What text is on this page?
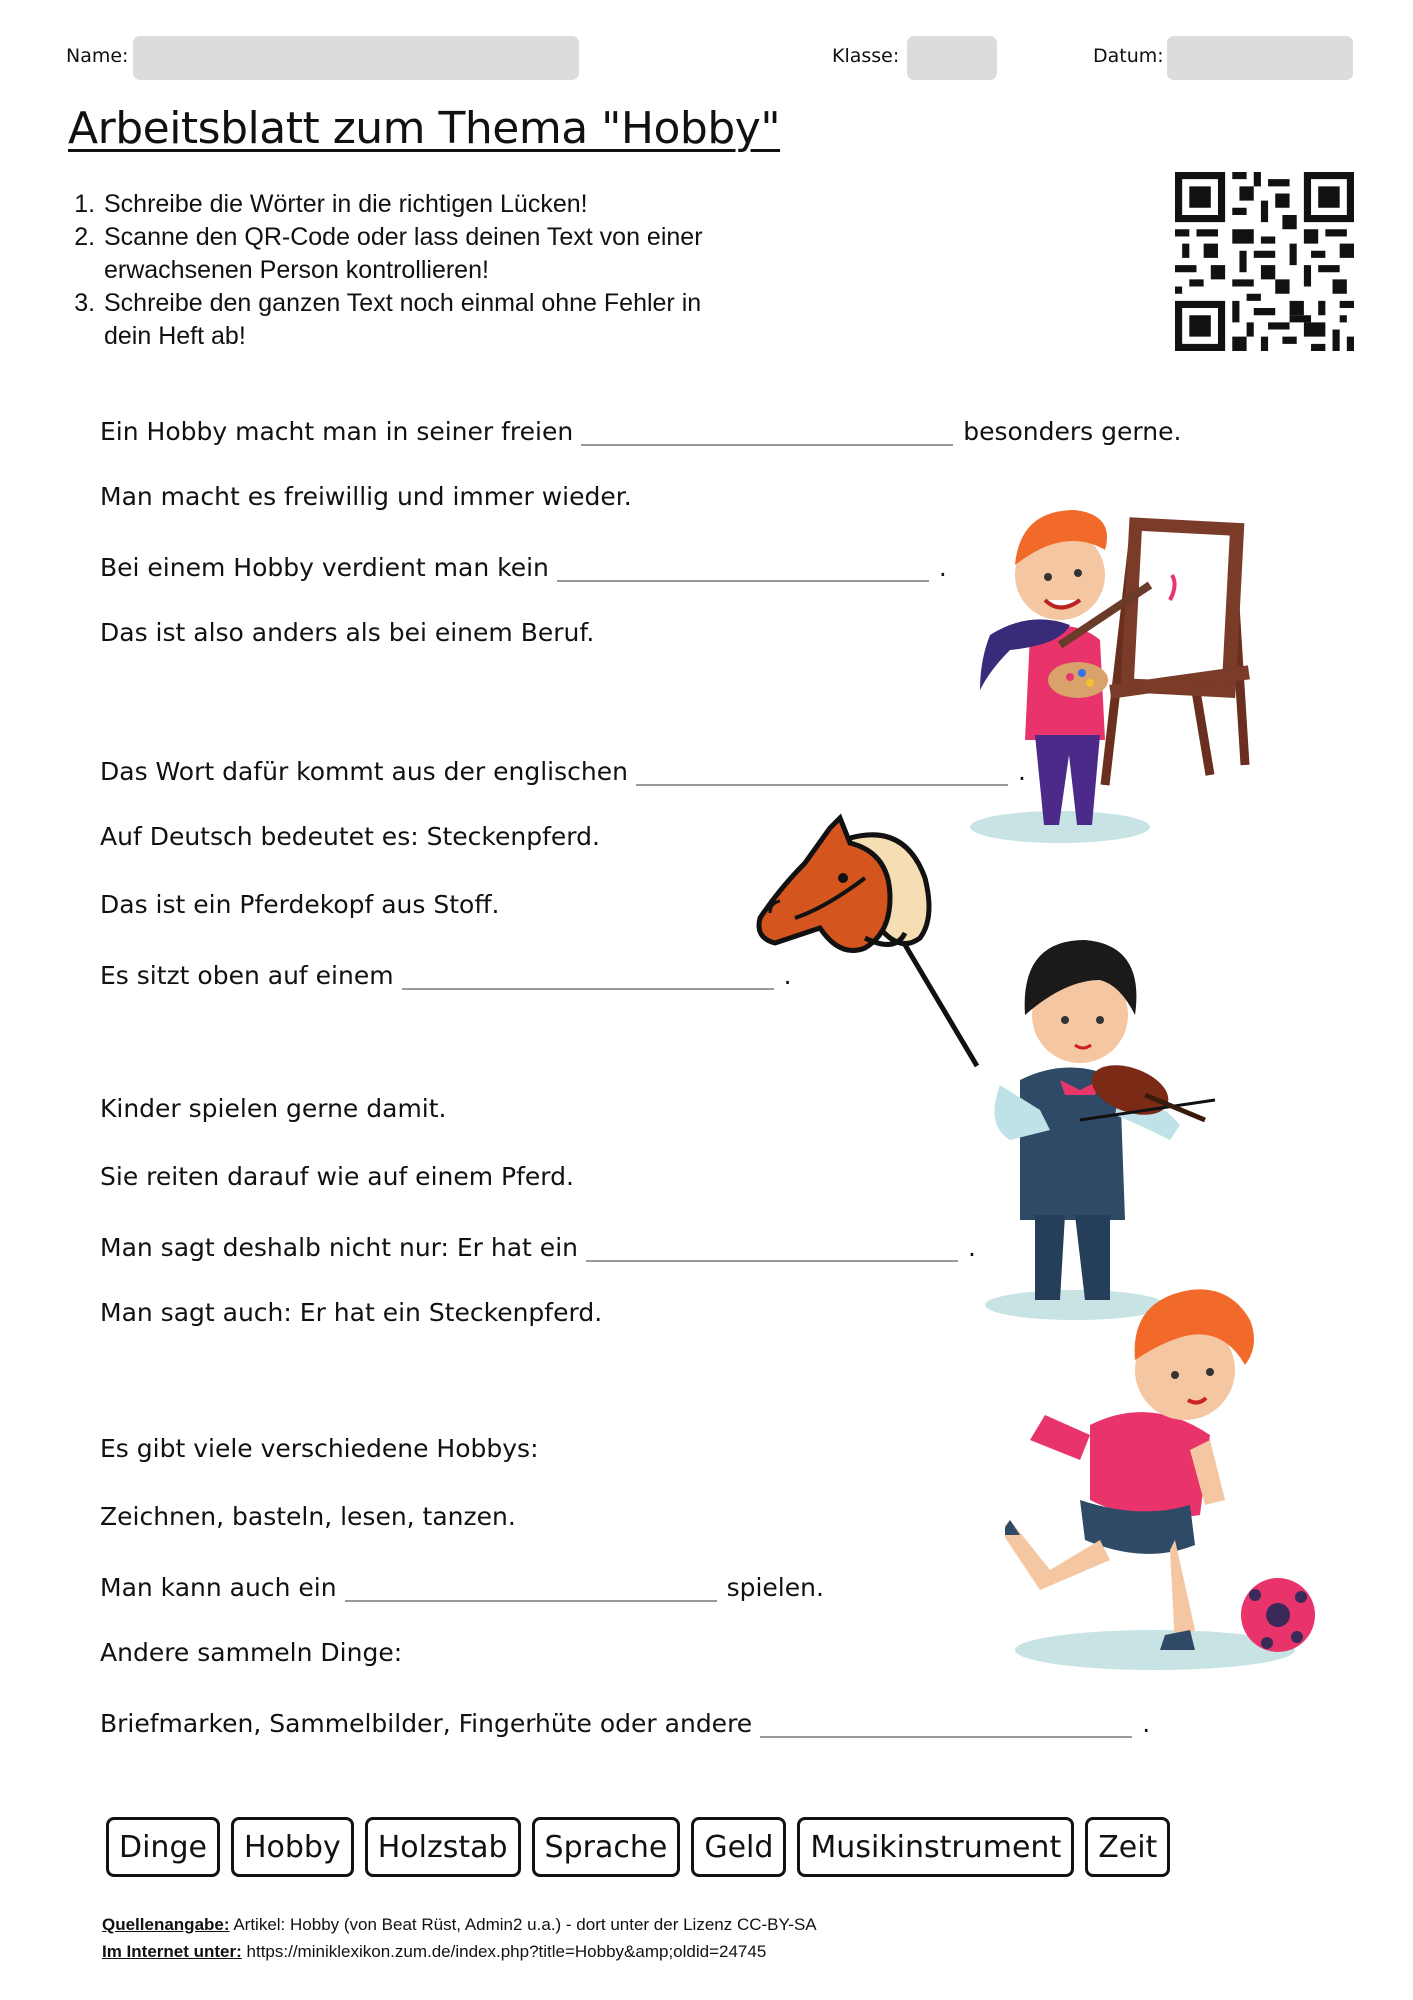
Name:	Klasse:	Datum:
Arbeitsblatt zum Thema "Hobby"
1. Schreibe die Wörter in die richtigen Lücken!
2. Scanne den QR-Code oder lass deinen Text von einer erwachsenen Person kontrollieren!
3. Schreibe den ganzen Text noch einmal ohne Fehler in dein Heft ab!
Ein Hobby macht man in seiner freien	besonders gerne.
Man macht es freiwillig und immer wieder.
Bei einem Hobby verdient man kein	.
Das ist also anders als bei einem Beruf.
Das Wort dafür kommt aus der englischen	.
Auf Deutsch bedeutet es: Steckenpferd.
Das ist ein Pferdekopf aus Stoff.
Es sitzt oben auf einem	.
Kinder spielen gerne damit.
Sie reiten darauf wie auf einem Pferd.
Man sagt deshalb nicht nur: Er hat ein	.
Man sagt auch: Er hat ein Steckenpferd.
Es gibt viele verschiedene Hobbys:
Zeichnen, basteln, lesen, tanzen.
Man kann auch ein	spielen.
Andere sammeln Dinge:
Briefmarken, Sammelbilder, Fingerhüte oder andere	.
Dinge	Hobby	Holzstab	Sprache	Geld	Musikinstrument	Zeit
Quellenangabe: Artikel: Hobby (von Beat Rüst, Admin2 u.a.) - dort unter der Lizenz CC-BY-SA
Im Internet unter: https://miniklexikon.zum.de/index.php?title=Hobby&amp;oldid=24745
